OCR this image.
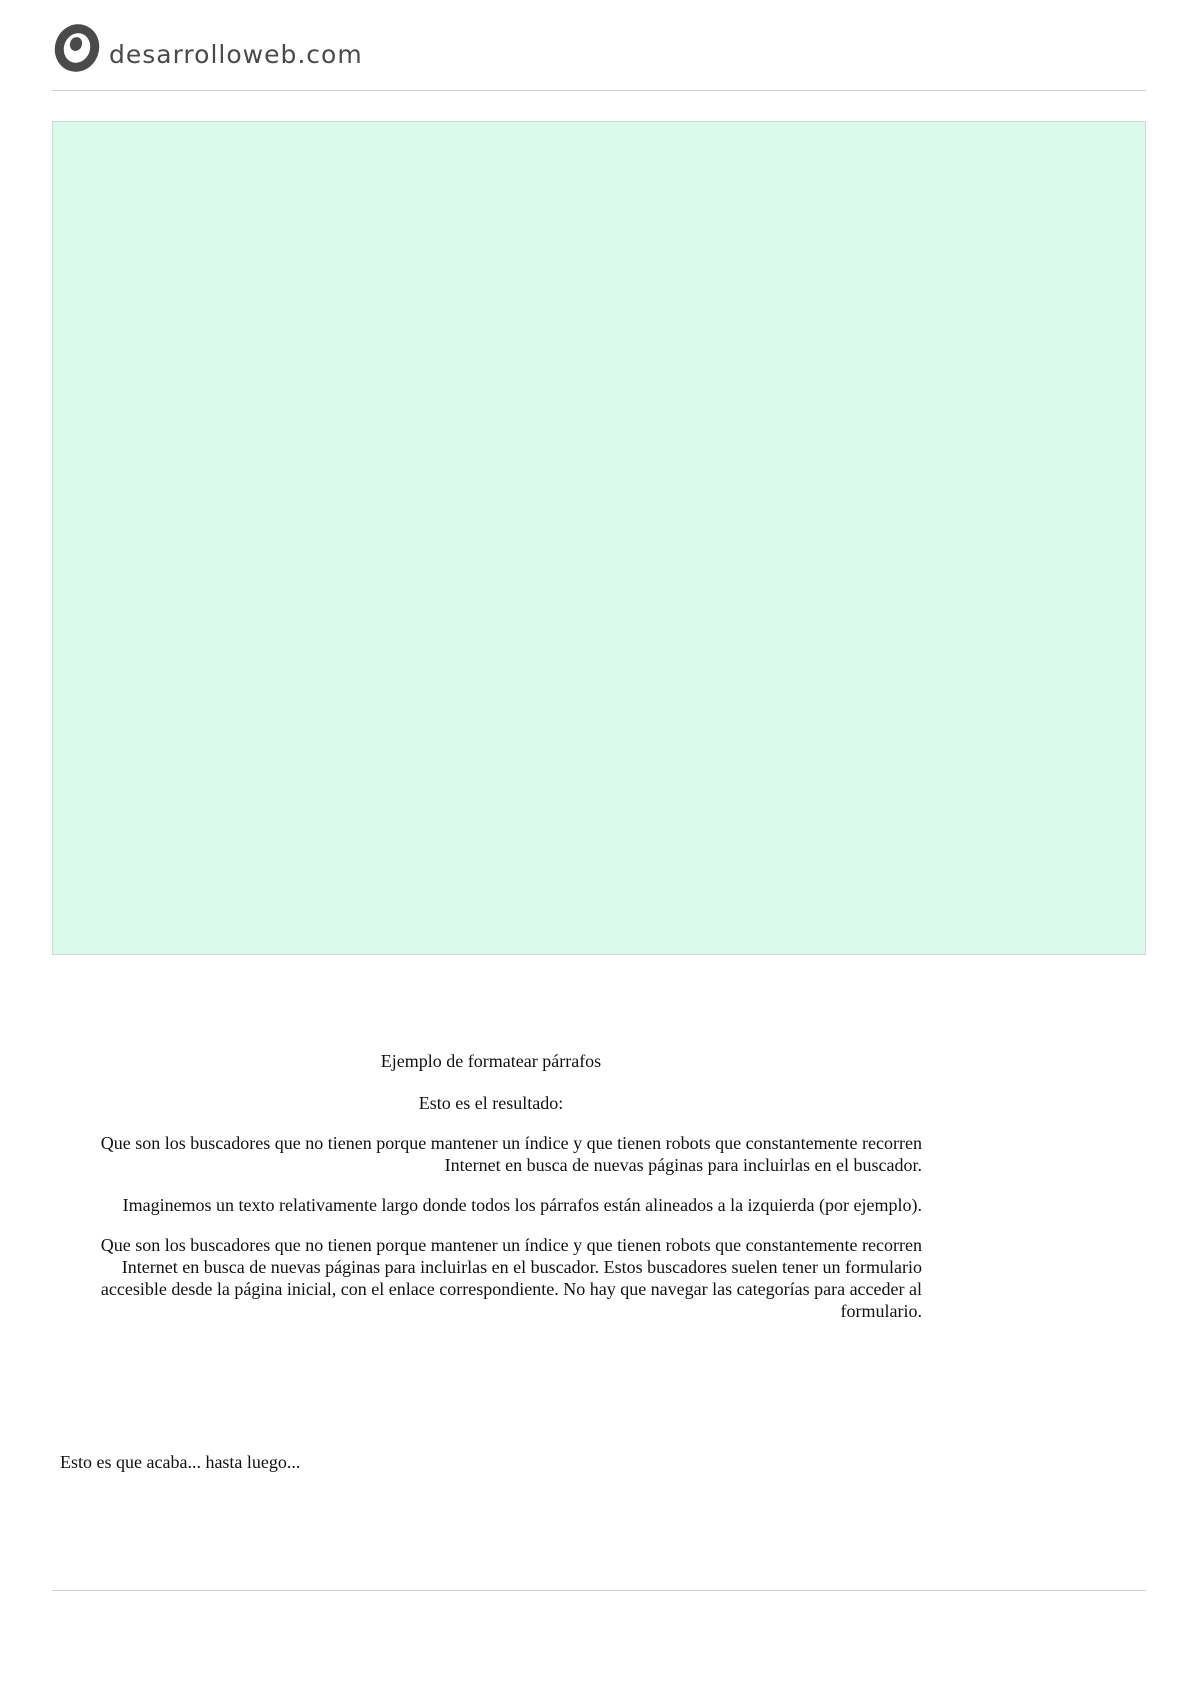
desarrolloweb.com

Ejemplo de formatear párrafos

Esto es el resultado:

Que son los buscadores que no tienen porque mantener un índice y que tienen robots que constantemente recorren Internet en busca de nuevas páginas para incluirlas en el buscador.

Imaginemos un texto relativamente largo donde todos los párrafos están alineados a la izquierda (por ejemplo).

Que son los buscadores que no tienen porque mantener un índice y que tienen robots que constantemente recorren Internet en busca de nuevas páginas para incluirlas en el buscador. Estos buscadores suelen tener un formulario accesible desde la página inicial, con el enlace correspondiente. No hay que navegar las categorías para acceder al formulario.

Esto es que acaba... hasta luego...
